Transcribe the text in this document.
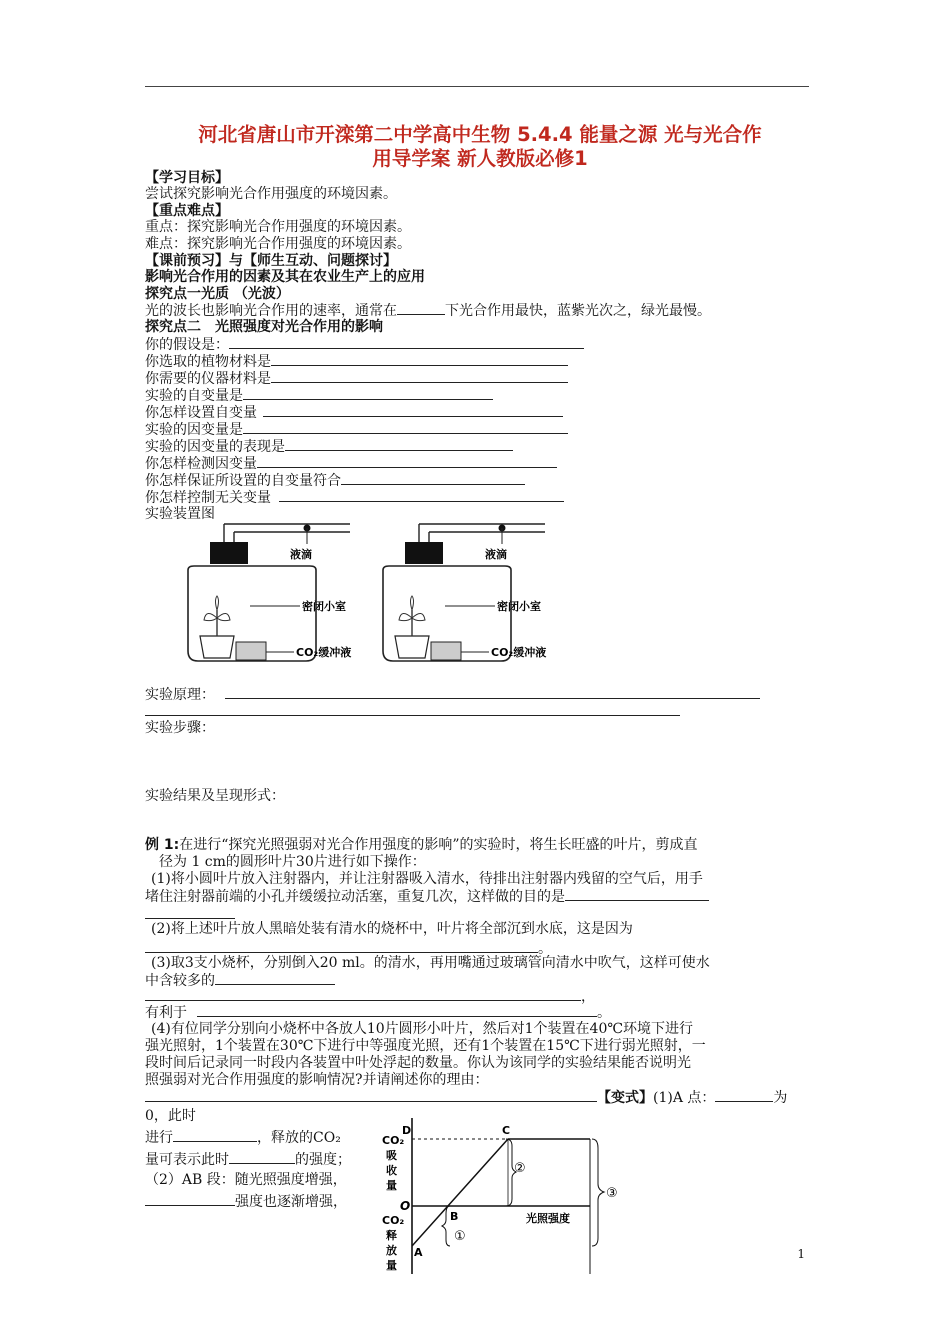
河北省唐山市开滦第二中学高中生物 5.4.4 能量之源 光与光合作
用导学案 新人教版必修1
【学习目标】
尝试探究影响光合作用强度的环境因素。
【重点难点】
重点：探究影响光合作用强度的环境因素。
难点：探究影响光合作用强度的环境因素。
【课前预习】与【师生互动、问题探讨】
影响光合作用的因素及其在农业生产上的应用
探究点一光质 （光波）
光的波长也影响光合作用的速率，通常在	下光合作用最快，蓝紫光次之，绿光最慢。
探究点二　光照强度对光合作用的影响
你的假设是：
你选取的植物材料是
你需要的仪器材料是
实验的自变量是
你怎样设置自变量
实验的因变量是
实验的因变量的表现是
你怎样检测因变量
你怎样保证所设置的自变量符合
你怎样控制无关变量
实验装置图
液滴
密闭小室
CO₂缓冲液
液滴
密闭小室
CO₂缓冲液
实验原理：
实验步骤：
实验结果及呈现形式：
例 1:在进行“探究光照强弱对光合作用强度的影响”的实验时，将生长旺盛的叶片，剪成直
径为 1 cm的圆形叶片30片进行如下操作：
(1)将小圆叶片放入注射器内，并让注射器吸入清水，待排出注射器内残留的空气后，用手
堵住注射器前端的小孔并缓缓拉动活塞，重复几次，这样做的目的是
(2)将上述叶片放人黑暗处装有清水的烧杯中，叶片将全部沉到水底，这是因为
。
(3)取3支小烧杯，分别倒入20 ml。的清水，再用嘴通过玻璃管向清水中吹气，这样可使水
中含较多的
，
有利于	。
(4)有位同学分别向小烧杯中各放人10片圆形小叶片，然后对1个装置在40℃环境下进行
强光照射，1个装置在30℃下进行中等强度光照，还有1个装置在15℃下进行弱光照射，一
段时间后记录同一时段内各装置中叶处浮起的数量。你认为该同学的实验结果能否说明光
照强弱对光合作用强度的影响情况?并请阐述你的理由：
【变式】(1)A 点：	为
0，此时
进行	，释放的CO₂
量可表示此时	的强度；
（2）AB 段：随光照强度增强，
强度也逐渐增强，
CO₂ 吸 收 量
CO₂ 释 放 量
D	C
B
A
O
光照强度
①
②
③
1
